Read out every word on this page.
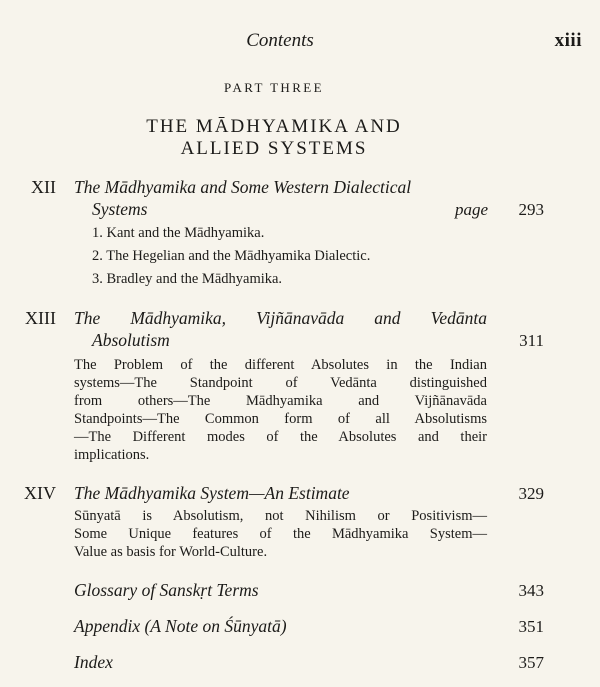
Contents	xiii
PART THREE
THE MĀDHYAMIKA AND
ALLIED SYSTEMS
XII The Mādhyamika and Some Western Dialectical
Systems	page	293
1. Kant and the Mādhyamika.
2. The Hegelian and the Mādhyamika Dialectic.
3. Bradley and the Mādhyamika.
XIII The Mādhyamika, Vijñānavāda and Vedānta
Absolutism	311
The Problem of the different Absolutes in the Indian
systems—The Standpoint of Vedānta distinguished
from others—The Mādhyamika and Vijñānavāda
Standpoints—The Common form of all Absolutisms
—The Different modes of the Absolutes and their
implications.
XIV The Mādhyamika System—An Estimate	329
Sūnyatā is Absolutism, not Nihilism or Positivism—
Some Unique features of the Mādhyamika System—
Value as basis for World-Culture.
Glossary of Sanskṛt Terms	343
Appendix (A Note on Śūnyatā)	351
Index	357
